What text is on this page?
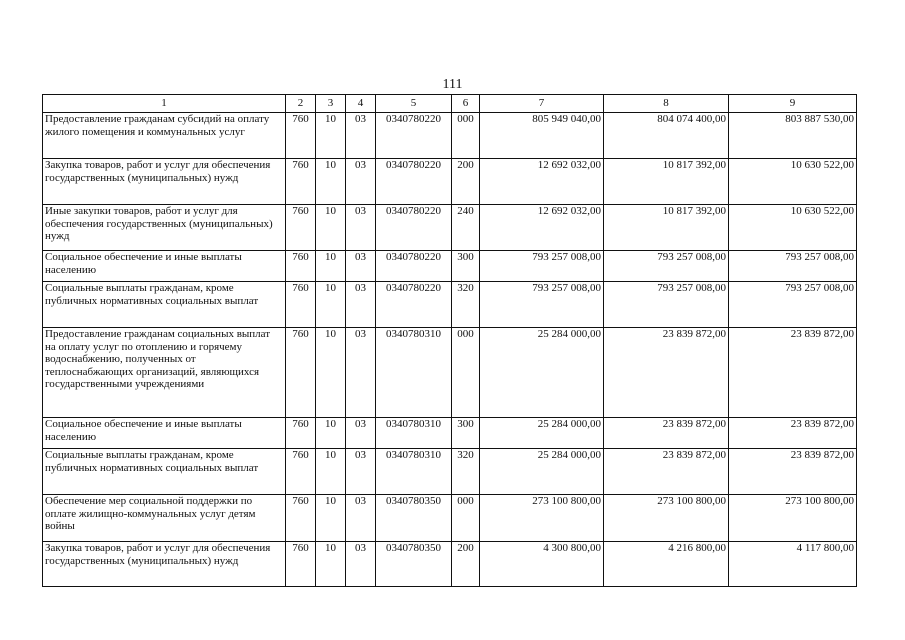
111
1	2	3	4	5	6	7	8	9
Предоставление гражданам субсидий на оплату жилого помещения и коммунальных услуг	760	10	03	0340780220	000	805 949 040,00	804 074 400,00	803 887 530,00
Закупка товаров, работ и услуг для обеспечения государственных (муниципальных) нужд	760	10	03	0340780220	200	12 692 032,00	10 817 392,00	10 630 522,00
Иные закупки товаров, работ и услуг для обеспечения государственных (муниципальных) нужд	760	10	03	0340780220	240	12 692 032,00	10 817 392,00	10 630 522,00
Социальное обеспечение и иные выплаты населению	760	10	03	0340780220	300	793 257 008,00	793 257 008,00	793 257 008,00
Социальные выплаты гражданам, кроме публичных нормативных социальных выплат	760	10	03	0340780220	320	793 257 008,00	793 257 008,00	793 257 008,00
Предоставление гражданам социальных выплат на оплату услуг по отоплению и горячему водоснабжению, полученных от теплоснабжающих организаций, являющихся государственными учреждениями	760	10	03	0340780310	000	25 284 000,00	23 839 872,00	23 839 872,00
Социальное обеспечение и иные выплаты населению	760	10	03	0340780310	300	25 284 000,00	23 839 872,00	23 839 872,00
Социальные выплаты гражданам, кроме публичных нормативных социальных выплат	760	10	03	0340780310	320	25 284 000,00	23 839 872,00	23 839 872,00
Обеспечение мер социальной поддержки по оплате жилищно-коммунальных услуг детям войны	760	10	03	0340780350	000	273 100 800,00	273 100 800,00	273 100 800,00
Закупка товаров, работ и услуг для обеспечения государственных (муниципальных) нужд	760	10	03	0340780350	200	4 300 800,00	4 216 800,00	4 117 800,00
